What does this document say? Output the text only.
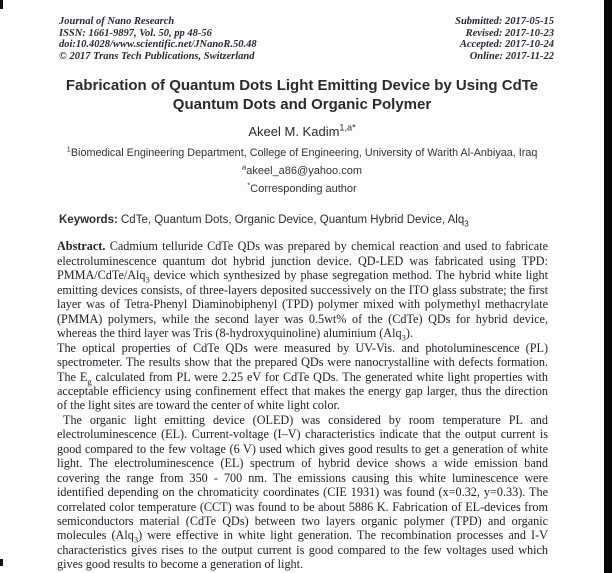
Journal of Nano Research
ISSN: 1661-9897, Vol. 50, pp 48-56
doi:10.4028/www.scientific.net/JNanoR.50.48
© 2017 Trans Tech Publications, Switzerland
Submitted: 2017-05-15
Revised: 2017-10-23
Accepted: 2017-10-24
Online: 2017-11-22
Fabrication of Quantum Dots Light Emitting Device by Using CdTe
Quantum Dots and Organic Polymer
Akeel M. Kadim$^{1,a*}$
$^1$Biomedical Engineering Department, College of Engineering, University of Warith Al-Anbiyaa, Iraq
$^a$akeel_a86@yahoo.com
*Corresponding author
Keywords: CdTe, Quantum Dots, Organic Device, Quantum Hybrid Device, Alq$_3$

Abstract. Cadmium telluride CdTe QDs was prepared by chemical reaction and used to fabricate electroluminescence quantum dot hybrid junction device. QD-LED was fabricated using TPD: PMMA/CdTe/Alq$_3$ device which synthesized by phase segregation method. The hybrid white light emitting devices consists, of three-layers deposited successively on the ITO glass substrate; the first layer was of Tetra-Phenyl Diaminobiphenyl (TPD) polymer mixed with polymethyl methacrylate (PMMA) polymers, while the second layer was 0.5wt% of the (CdTe) QDs for hybrid device, whereas the third layer was Tris (8-hydroxyquinoline) aluminium (Alq$_3$).

The optical properties of CdTe QDs were measured by UV-Vis. and photoluminescence (PL) spectrometer. The results show that the prepared QDs were nanocrystalline with defects formation. The $E_g$ calculated from PL were 2.25 eV for CdTe QDs. The generated white light properties with acceptable efficiency using confinement effect that makes the energy gap larger, thus the direction of the light sites are toward the center of white light color.

The organic light emitting device (OLED) was considered by room temperature PL and electroluminescence (EL). Current-voltage (I–V) characteristics indicate that the output current is good compared to the few voltage (6 V) used which gives good results to get a generation of white light. The electroluminescence (EL) spectrum of hybrid device shows a wide emission band covering the range from 350 - 700 nm. The emissions causing this white luminescence were identified depending on the chromaticity coordinates (CIE 1931) was found (x=0.32, y=0.33). The correlated color temperature (CCT) was found to be about 5886 K. Fabrication of EL-devices from semiconductors material (CdTe QDs) between two layers organic polymer (TPD) and organic molecules (Alq$_3$) were effective in white light generation. The recombination processes and I-V characteristics gives rises to the output current is good compared to the few voltages used which gives good results to become a generation of light.
